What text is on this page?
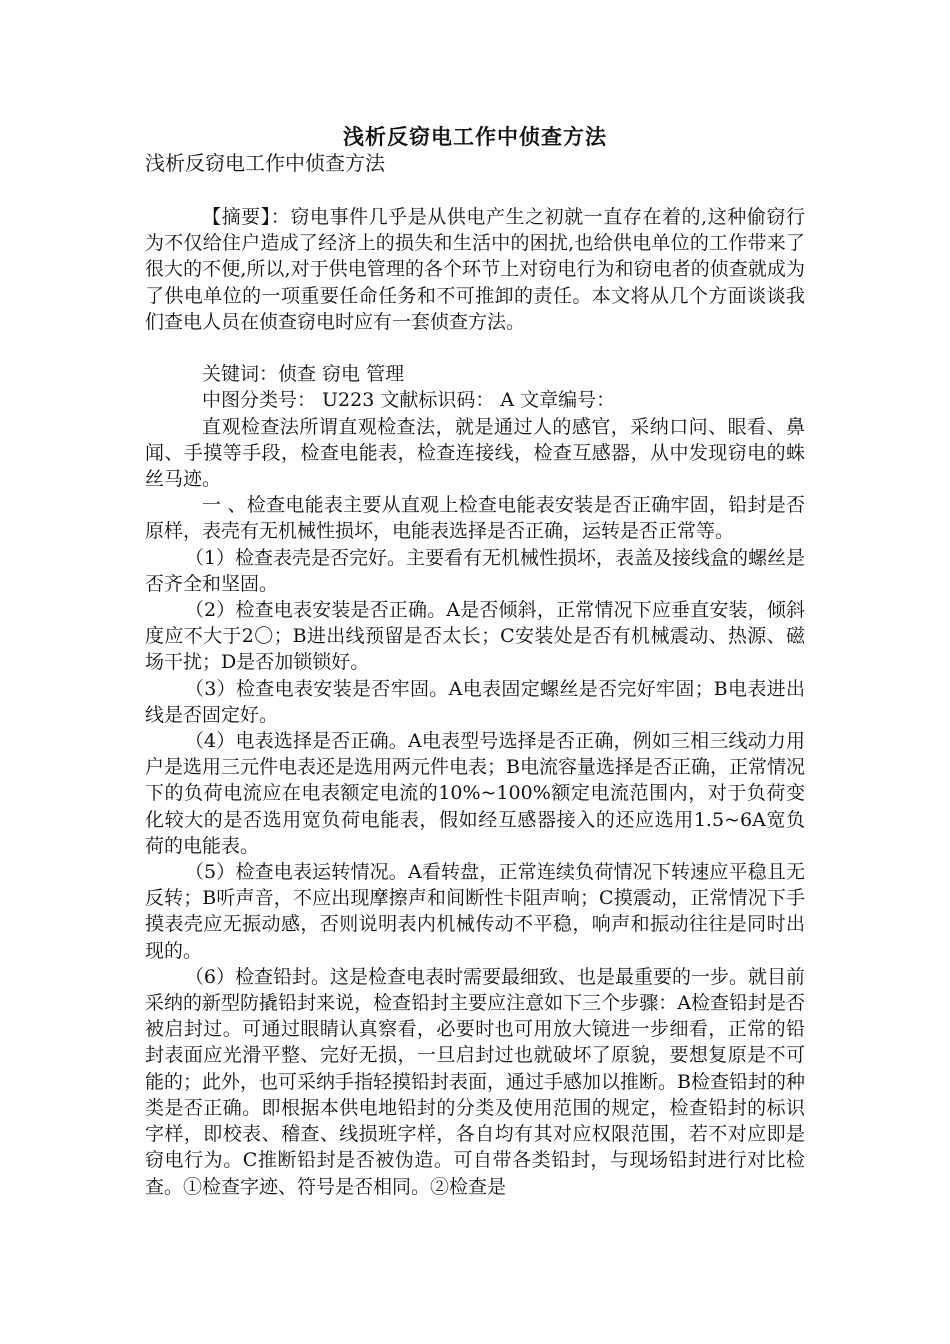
浅析反窃电工作中侦查方法
浅析反窃电工作中侦查方法

【摘要】：窃电事件几乎是从供电产生之初就一直存在着的,这种偷窃行为不仅给住户造成了经济上的损失和生活中的困扰,也给供电单位的工作带来了很大的不便,所以,对于供电管理的各个环节上对窃电行为和窃电者的侦查就成为了供电单位的一项重要任命任务和不可推卸的责任。本文将从几个方面谈谈我们查电人员在侦查窃电时应有一套侦查方法。

关键词：侦查 窃电 管理

中图分类号： U223 文献标识码： A 文章编号：

直观检查法所谓直观检查法，就是通过人的感官，采纳口问、眼看、鼻闻、手摸等手段，检查电能表，检查连接线，检查互感器，从中发现窃电的蛛丝马迹。

一 、检查电能表主要从直观上检查电能表安装是否正确牢固，铅封是否原样，表壳有无机械性损坏，电能表选择是否正确，运转是否正常等。

（1）检查表壳是否完好。主要看有无机械性损坏，表盖及接线盒的螺丝是否齐全和坚固。

（2）检查电表安装是否正确。A是否倾斜，正常情况下应垂直安装，倾斜度应不大于2〇；B进出线预留是否太长；C安装处是否有机械震动、热源、磁场干扰；D是否加锁锁好。

（3）检查电表安装是否牢固。A电表固定螺丝是否完好牢固；B电表进出线是否固定好。

（4）电表选择是否正确。A电表型号选择是否正确，例如三相三线动力用户是选用三元件电表还是选用两元件电表；B电流容量选择是否正确，正常情况下的负荷电流应在电表额定电流的10%~100%额定电流范围内，对于负荷变化较大的是否选用宽负荷电能表，假如经互感器接入的还应选用1.5~6A宽负荷的电能表。

（5）检查电表运转情况。A看转盘，正常连续负荷情况下转速应平稳且无反转；B听声音，不应出现摩擦声和间断性卡阻声响；C摸震动，正常情况下手摸表壳应无振动感，否则说明表内机械传动不平稳，响声和振动往往是同时出现的。

（6）检查铅封。这是检查电表时需要最细致、也是最重要的一步。就目前采纳的新型防撬铅封来说，检查铅封主要应注意如下三个步骤：A检查铅封是否被启封过。可通过眼睛认真察看，必要时也可用放大镜进一步细看，正常的铅封表面应光滑平整、完好无损，一旦启封过也就破坏了原貌，要想复原是不可能的；此外，也可采纳手指轻摸铅封表面，通过手感加以推断。B检查铅封的种类是否正确。即根据本供电地铅封的分类及使用范围的规定，检查铅封的标识字样，即校表、稽查、线损班字样，各自均有其对应权限范围，若不对应即是窃电行为。C推断铅封是否被伪造。可自带各类铅封，与现场铅封进行对比检查。①检查字迹、符号是否相同。②检查是
